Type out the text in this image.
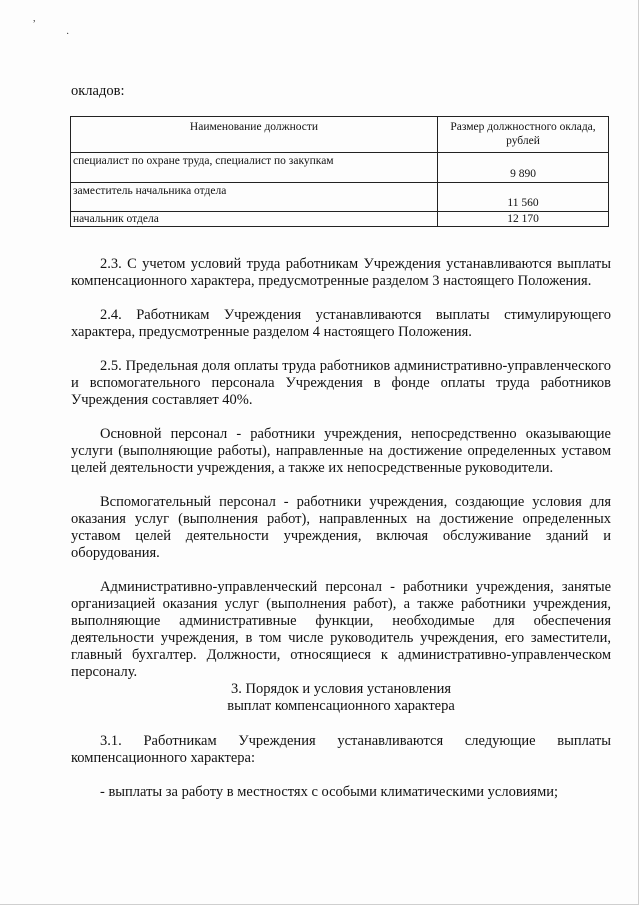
,
·
окладов:
Наименование должности	Размер должностного оклада, рублей
специалист по охране труда, специалист по закупкам	9 890
заместитель начальника отдела	11 560
начальник отдела	12 170

2.3. С учетом условий труда работникам Учреждения устанавливаются выплаты компенсационного характера, предусмотренные разделом 3 настоящего Положения.

2.4. Работникам Учреждения устанавливаются выплаты стимулирующего характера, предусмотренные разделом 4 настоящего Положения.

2.5. Предельная доля оплаты труда работников административно-управленческого и вспомогательного персонала Учреждения в фонде оплаты труда работников Учреждения составляет 40%.

Основной персонал - работники учреждения, непосредственно оказывающие услуги (выполняющие работы), направленные на достижение определенных уставом целей деятельности учреждения, а также их непосредственные руководители.

Вспомогательный персонал - работники учреждения, создающие условия для оказания услуг (выполнения работ), направленных на достижение определенных уставом целей деятельности учреждения, включая обслуживание зданий и оборудования.

Административно-управленческий персонал - работники учреждения, занятые организацией оказания услуг (выполнения работ), а также работники учреждения, выполняющие административные функции, необходимые для обеспечения деятельности учреждения, в том числе руководитель учреждения, его заместители, главный бухгалтер. Должности, относящиеся к административно-управленческом персоналу.

3. Порядок и условия установления
выплат компенсационного характера

3.1. Работникам Учреждения устанавливаются следующие выплаты компенсационного характера:

- выплаты за работу в местностях с особыми климатическими условиями;
